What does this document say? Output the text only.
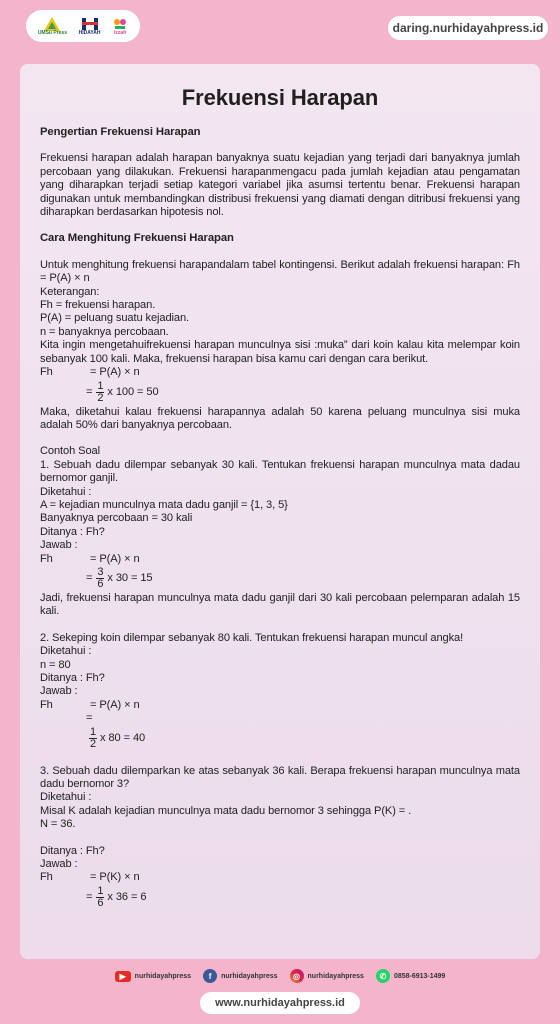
UMSu Press HIDAYAH	Izzah	daring.nurhidayahpress.id
Frekuensi Harapan
Pengertian Frekuensi Harapan
Frekuensi harapan adalah harapan banyaknya suatu kejadian yang terjadi dari banyaknya jumlah percobaan yang dilakukan. Frekuensi harapanmengacu pada jumlah kejadian atau pengamatan yang diharapkan terjadi setiap kategori variabel jika asumsi tertentu benar. Frekuensi harapan digunakan untuk membandingkan distribusi frekuensi yang diamati dengan ditribusi frekuensi yang diharapkan berdasarkan hipotesis nol.
Cara Menghitung Frekuensi Harapan
Untuk menghitung frekuensi harapandalam tabel kontingensi. Berikut adalah frekuensi harapan: Fh = P(A) × n
Keterangan:
Fh = frekuensi harapan.
P(A) = peluang suatu kejadian.
n = banyaknya percobaan.
Kita ingin mengetahuifrekuensi harapan munculnya sisi :muka” dari koin kalau kita melempar koin sebanyak 100 kali. Maka, frekuensi harapan bisa kamu cari dengan cara berikut.
Fh	= P(A) × n
= $\frac{1}{2}$ x 100 = 50
Maka, diketahui kalau frekuensi harapannya adalah 50 karena peluang munculnya sisi muka adalah 50% dari banyaknya percobaan.
Contoh Soal
1. Sebuah dadu dilempar sebanyak 30 kali. Tentukan frekuensi harapan munculnya mata dadau bernomor ganjil.
Diketahui :
A = kejadian munculnya mata dadu ganjil = {1, 3, 5}
Banyaknya percobaan = 30 kali
Ditanya : Fh?
Jawab :
Fh	= P(A) × n
= $\frac{3}{6}$ x 30 = 15
Jadi, frekuensi harapan munculnya mata dadu ganjil dari 30 kali percobaan pelemparan adalah 15 kali.
2. Sekeping koin dilempar sebanyak 80 kali. Tentukan frekuensi harapan muncul angka!
Diketahui :
n = 80
Ditanya : Fh?
Jawab :
Fh	= P(A) × n
=
$\frac{1}{2}$ x 80 = 40
3. Sebuah dadu dilemparkan ke atas sebanyak 36 kali. Berapa frekuensi harapan munculnya mata dadu bernomor 3?
Diketahui :
Misal K adalah kejadian munculnya mata dadu bernomor 3 sehingga P(K) = .
N = 36.
Ditanya : Fh?
Jawab :
Fh	= P(K) × n
= $\frac{1}{6}$ x 36 = 6
▶	nurhidayahpress	f	nurhidayahpress	◎	nurhidayahpress	✆	0858-6913-1499
www.nurhidayahpress.id
